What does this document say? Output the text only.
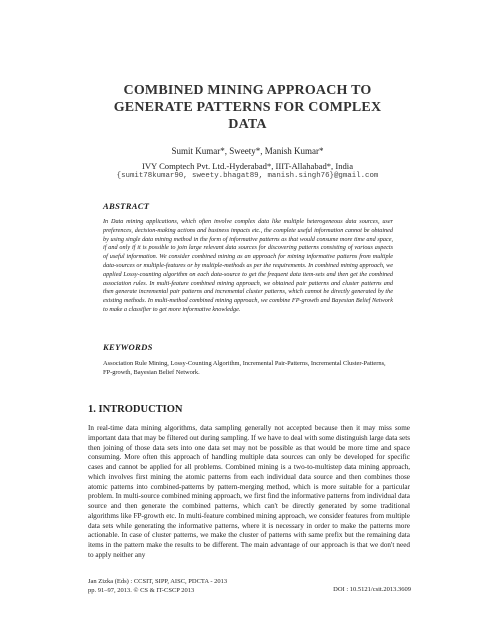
COMBINED MINING APPROACH TO
GENERATE PATTERNS FOR COMPLEX
DATA
Sumit Kumar*, Sweety*, Manish Kumar*
IVY Comptech Pvt. Ltd.-Hyderabad*, IIIT-Allahabad*, India
{sumit78kumar90, sweety.bhagat89, manish.singh76}@gmail.com
ABSTRACT

In Data mining applications, which often involve complex data like multiple heterogeneous data sources, user preferences, decision-making actions and business impacts etc., the complete useful information cannot be obtained by using single data mining method in the form of informative patterns as that would consume more time and space, if and only if it is possible to join large relevant data sources for discovering patterns consisting of various aspects of useful information. We consider combined mining as an approach for mining informative patterns from multiple data-sources or multiple-features or by multiple-methods as per the requirements. In combined mining approach, we applied Lossy-counting algorithm on each data-source to get the frequent data item-sets and then get the combined association rules. In multi-feature combined mining approach, we obtained pair patterns and cluster patterns and then generate incremental pair patterns and incremental cluster patterns, which cannot be directly generated by the existing methods. In multi-method combined mining approach, we combine FP-growth and Bayesian Belief Network to make a classifier to get more informative knowledge.

KEYWORDS

Association Rule Mining, Lossy-Counting Algorithm, Incremental Pair-Patterns, Incremental Cluster-Patterns, FP-growth, Bayesian Belief Network.

1. INTRODUCTION

In real-time data mining algorithms, data sampling generally not accepted because then it may miss some important data that may be filtered out during sampling. If we have to deal with some distinguish large data sets then joining of those data sets into one data set may not be possible as that would be more time and space consuming. More often this approach of handling multiple data sources can only be developed for specific cases and cannot be applied for all problems. Combined mining is a two-to-multistep data mining approach, which involves first mining the atomic patterns from each individual data source and then combines those atomic patterns into combined-patterns by pattern-merging method, which is more suitable for a particular problem. In multi-source combined mining approach, we first find the informative patterns from individual data source and then generate the combined patterns, which can't be directly generated by some traditional algorithms like FP-growth etc. In multi-feature combined mining approach, we consider features from multiple data sets while generating the informative patterns, where it is necessary in order to make the patterns more actionable. In case of cluster patterns, we make the cluster of patterns with same prefix but the remaining data items in the pattern make the results to be different. The main advantage of our approach is that we don't need to apply neither any

Jan Zizka (Eds) : CCSIT, SIPP, AISC, PDCTA - 2013
pp. 91–97, 2013. © CS & IT-CSCP 2013	DOI : 10.5121/csit.2013.3609
